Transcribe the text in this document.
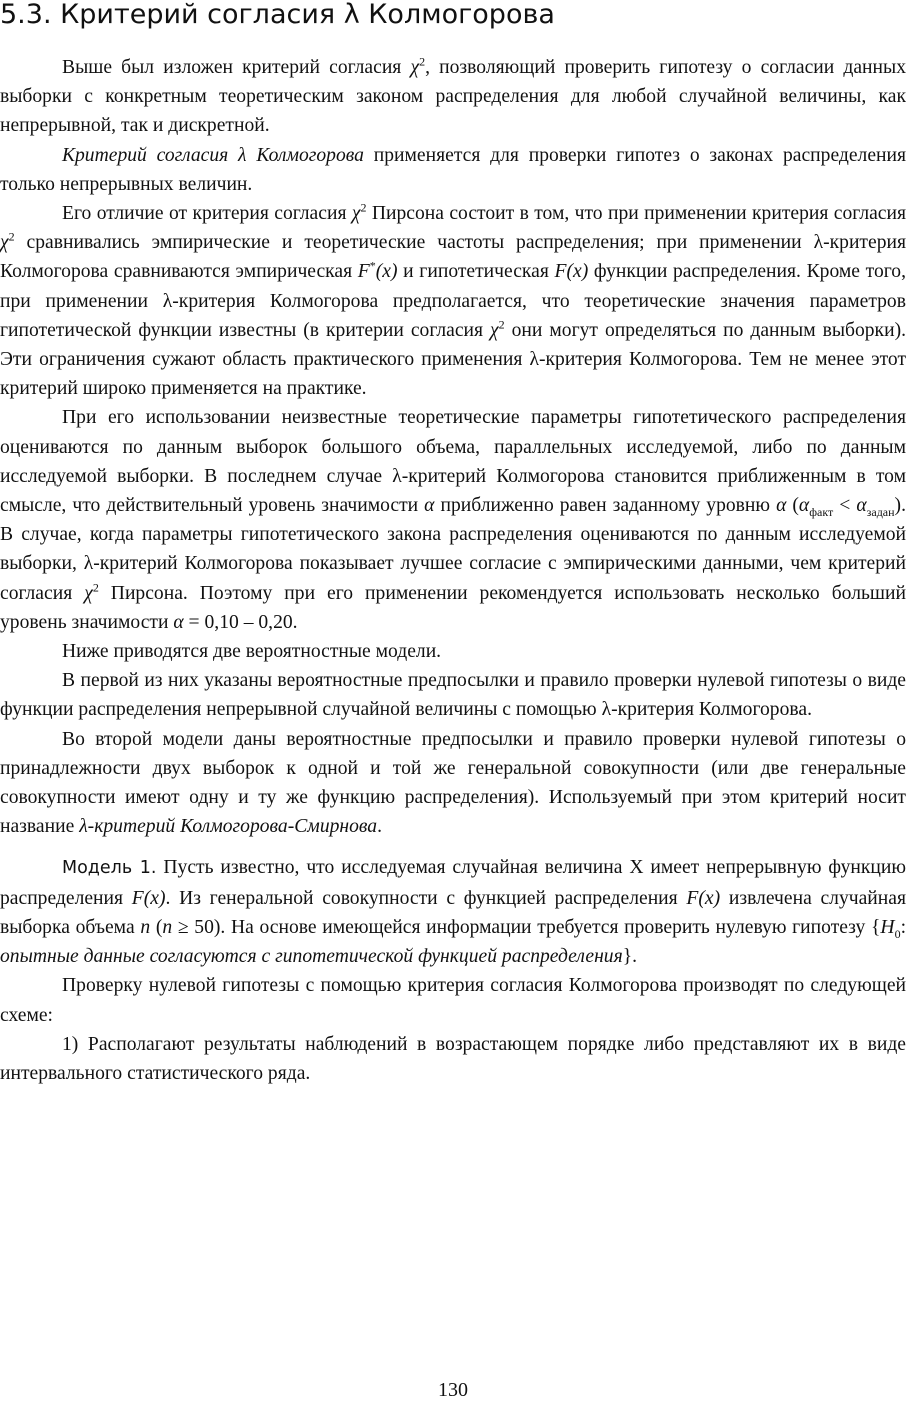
5.3. Критерий согласия λ Колмогорова

Выше был изложен критерий согласия $\chi^2$, позволяющий проверить гипотезу о согласии данных выборки с конкретным теоретическим законом распределения для любой случайной величины, как непрерывной, так и дискретной.

Критерий согласия λ Колмогорова применяется для проверки гипотез о законах распределения только непрерывных величин.

Его отличие от критерия согласия $\chi^2$ Пирсона состоит в том, что при применении критерия согласия $\chi^2$ сравнивались эмпирические и теоретические частоты распределения; при применении λ-критерия Колмогорова сравниваются эмпирическая F*(x) и гипотетическая F(x) функции распределения. Кроме того, при применении λ-критерия Колмогорова предполагается, что теоретические значения параметров гипотетической функции известны (в критерии согласия $\chi^2$ они могут определяться по данным выборки). Эти ограничения сужают область практического применения λ-критерия Колмогорова. Тем не менее этот критерий широко применяется на практике.

При его использовании неизвестные теоретические параметры гипотетического распределения оцениваются по данным выборок большого объема, параллельных исследуемой, либо по данным исследуемой выборки. В последнем случае λ-критерий Колмогорова становится приближенным в том смысле, что действительный уровень значимости α приближенно равен заданному уровню α $(\alpha_{факт} < \alpha_{задан})$. В случае, когда параметры гипотетического закона распределения оцениваются по данным исследуемой выборки, λ-критерий Колмогорова показывает лучшее согласие с эмпирическими данными, чем критерий согласия $\chi^2$ Пирсона. Поэтому при его применении рекомендуется использовать несколько больший уровень значимости α = 0,10 – 0,20.

Ниже приводятся две вероятностные модели.

В первой из них указаны вероятностные предпосылки и правило проверки нулевой гипотезы о виде функции распределения непрерывной случайной величины с помощью λ-критерия Колмогорова.

Во второй модели даны вероятностные предпосылки и правило проверки нулевой гипотезы о принадлежности двух выборок к одной и той же генеральной совокупности (или две генеральные совокупности имеют одну и ту же функцию распределения). Используемый при этом критерий носит название λ-критерий Колмогорова-Смирнова.

Модель 1. Пусть известно, что исследуемая случайная величина X имеет непрерывную функцию распределения F(x). Из генеральной совокупности с функцией распределения F(x) извлечена случайная выборка объема n (n ≥ 50). На основе имеющейся информации требуется проверить нулевую гипотезу {$H_0$: опытные данные согласуются с гипотетической функцией распределения}.

Проверку нулевой гипотезы с помощью критерия согласия Колмогорова производят по следующей схеме:

1) Располагают результаты наблюдений в возрастающем порядке либо представляют их в виде интервального статистического ряда.

130
